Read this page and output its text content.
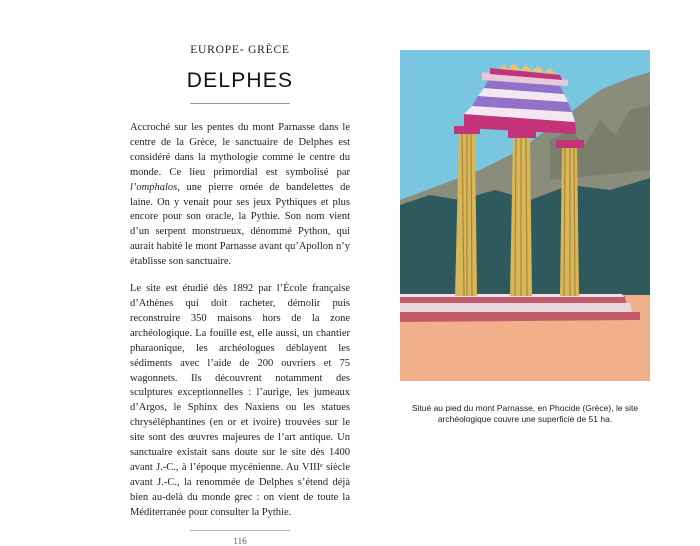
EUROPE- GRÈCE
DELPHES

Accroché sur les pentes du mont Parnasse dans le centre de la Grèce, le sanctuaire de Delphes est considéré dans la mythologie comme le centre du monde. Ce lieu primordial est symbolisé par l’omphalos, une pierre ornée de bandelettes de laine. On y venait pour ses jeux Pythiques et plus encore pour son oracle, la Pythie. Son nom vient d’un serpent monstrueux, dénommé Python, qui aurait habité le mont Parnasse avant qu’Apollon n’y établisse son sanctuaire.

Le site est étudié dès 1892 par l’École française d’Athènes qui doit racheter, démolir puis reconstruire 350 maisons hors de la zone archéologique. La fouille est, elle aussi, un chantier pharaonique, les archéologues déblayent les sédiments avec l’aide de 200 ouvriers et 75 wagonnets. Ils découvrent notamment des sculptures exceptionnelles : l’aurige, les jumeaux d’Argos, le Sphinx des Naxiens ou les statues chryséléphantines (en or et ivoire) trouvées sur le site sont des œuvres majeures de l’art antique. Un sanctuaire existait sans doute sur le site dès 1400 avant J.-C., à l’époque mycénienne. Au VIIIᵉ siècle avant J.-C., la renommée de Delphes s’étend déjà bien au-delà du monde grec : on vient de toute la Méditerranée pour consulter la Pythie.

116
Situé au pied du mont Parnasse, en Phocide (Grèce), le site archéologique couvre une superficie de 51 ha.
